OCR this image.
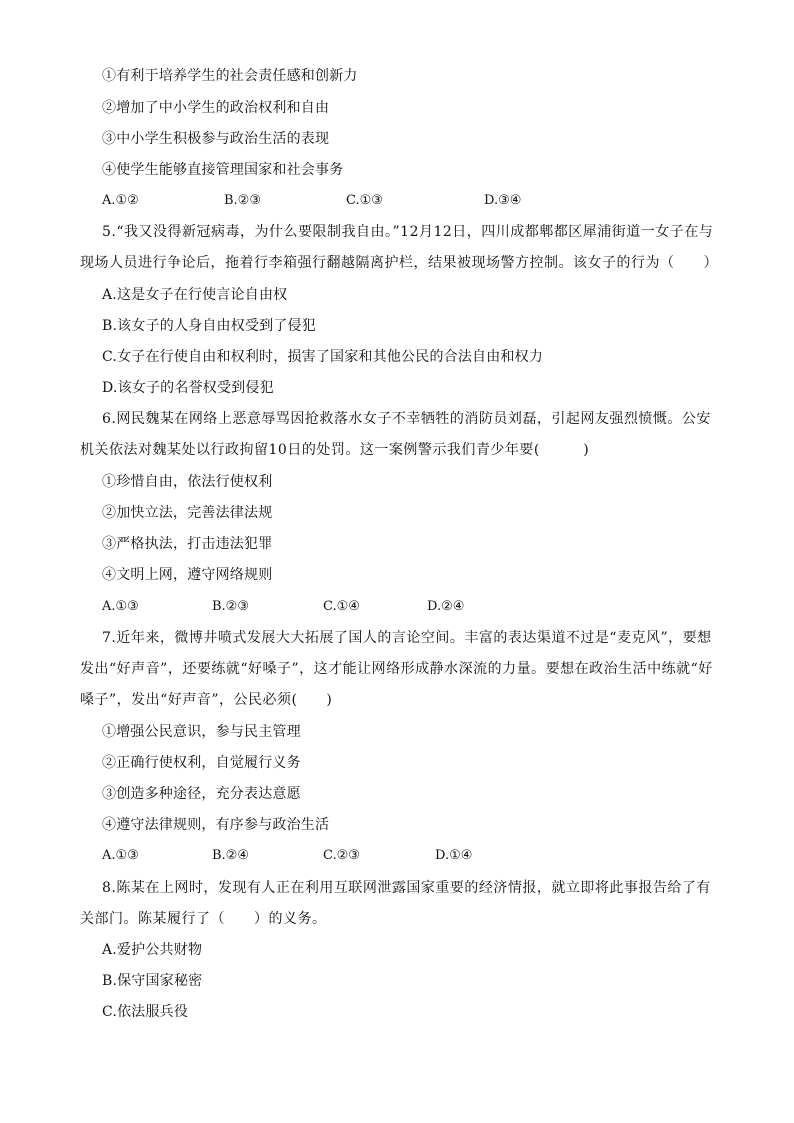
①有利于培养学生的社会责任感和创新力
②增加了中小学生的政治权利和自由
③中小学生积极参与政治生活的表现
④使学生能够直接管理国家和社会事务
A.①②	B.②③	C.①③	D.③④
5.“我又没得新冠病毒，为什么要限制我自由。”12月12日，四川成都郫都区犀浦街道一女子在与现场人员进行争论后，拖着行李箱强行翻越隔离护栏，结果被现场警方控制。该女子的行为（　　）
A.这是女子在行使言论自由权
B.该女子的人身自由权受到了侵犯
C.女子在行使自由和权利时，损害了国家和其他公民的合法自由和权力
D.该女子的名誉权受到侵犯
6.网民魏某在网络上恶意辱骂因抢救落水女子不幸牺牲的消防员刘磊，引起网友强烈愤慨。公安机关依法对魏某处以行政拘留10日的处罚。这一案例警示我们青少年要(　　　)
①珍惜自由，依法行使权利
②加快立法，完善法律法规
③严格执法，打击违法犯罪
④文明上网，遵守网络规则
A.①③	B.②③	C.①④	D.②④
7.近年来，微博井喷式发展大大拓展了国人的言论空间。丰富的表达渠道不过是“麦克风”，要想发出“好声音”，还要练就“好嗓子”，这才能让网络形成静水深流的力量。要想在政治生活中练就“好嗓子”，发出“好声音”，公民必须(　　)
①增强公民意识，参与民主管理
②正确行使权利，自觉履行义务
③创造多种途径，充分表达意愿
④遵守法律规则，有序参与政治生活
A.①③	B.②④	C.②③	D.①④
8.陈某在上网时，发现有人正在利用互联网泄露国家重要的经济情报，就立即将此事报告给了有关部门。陈某履行了（　　）的义务。
A.爱护公共财物
B.保守国家秘密
C.依法服兵役
